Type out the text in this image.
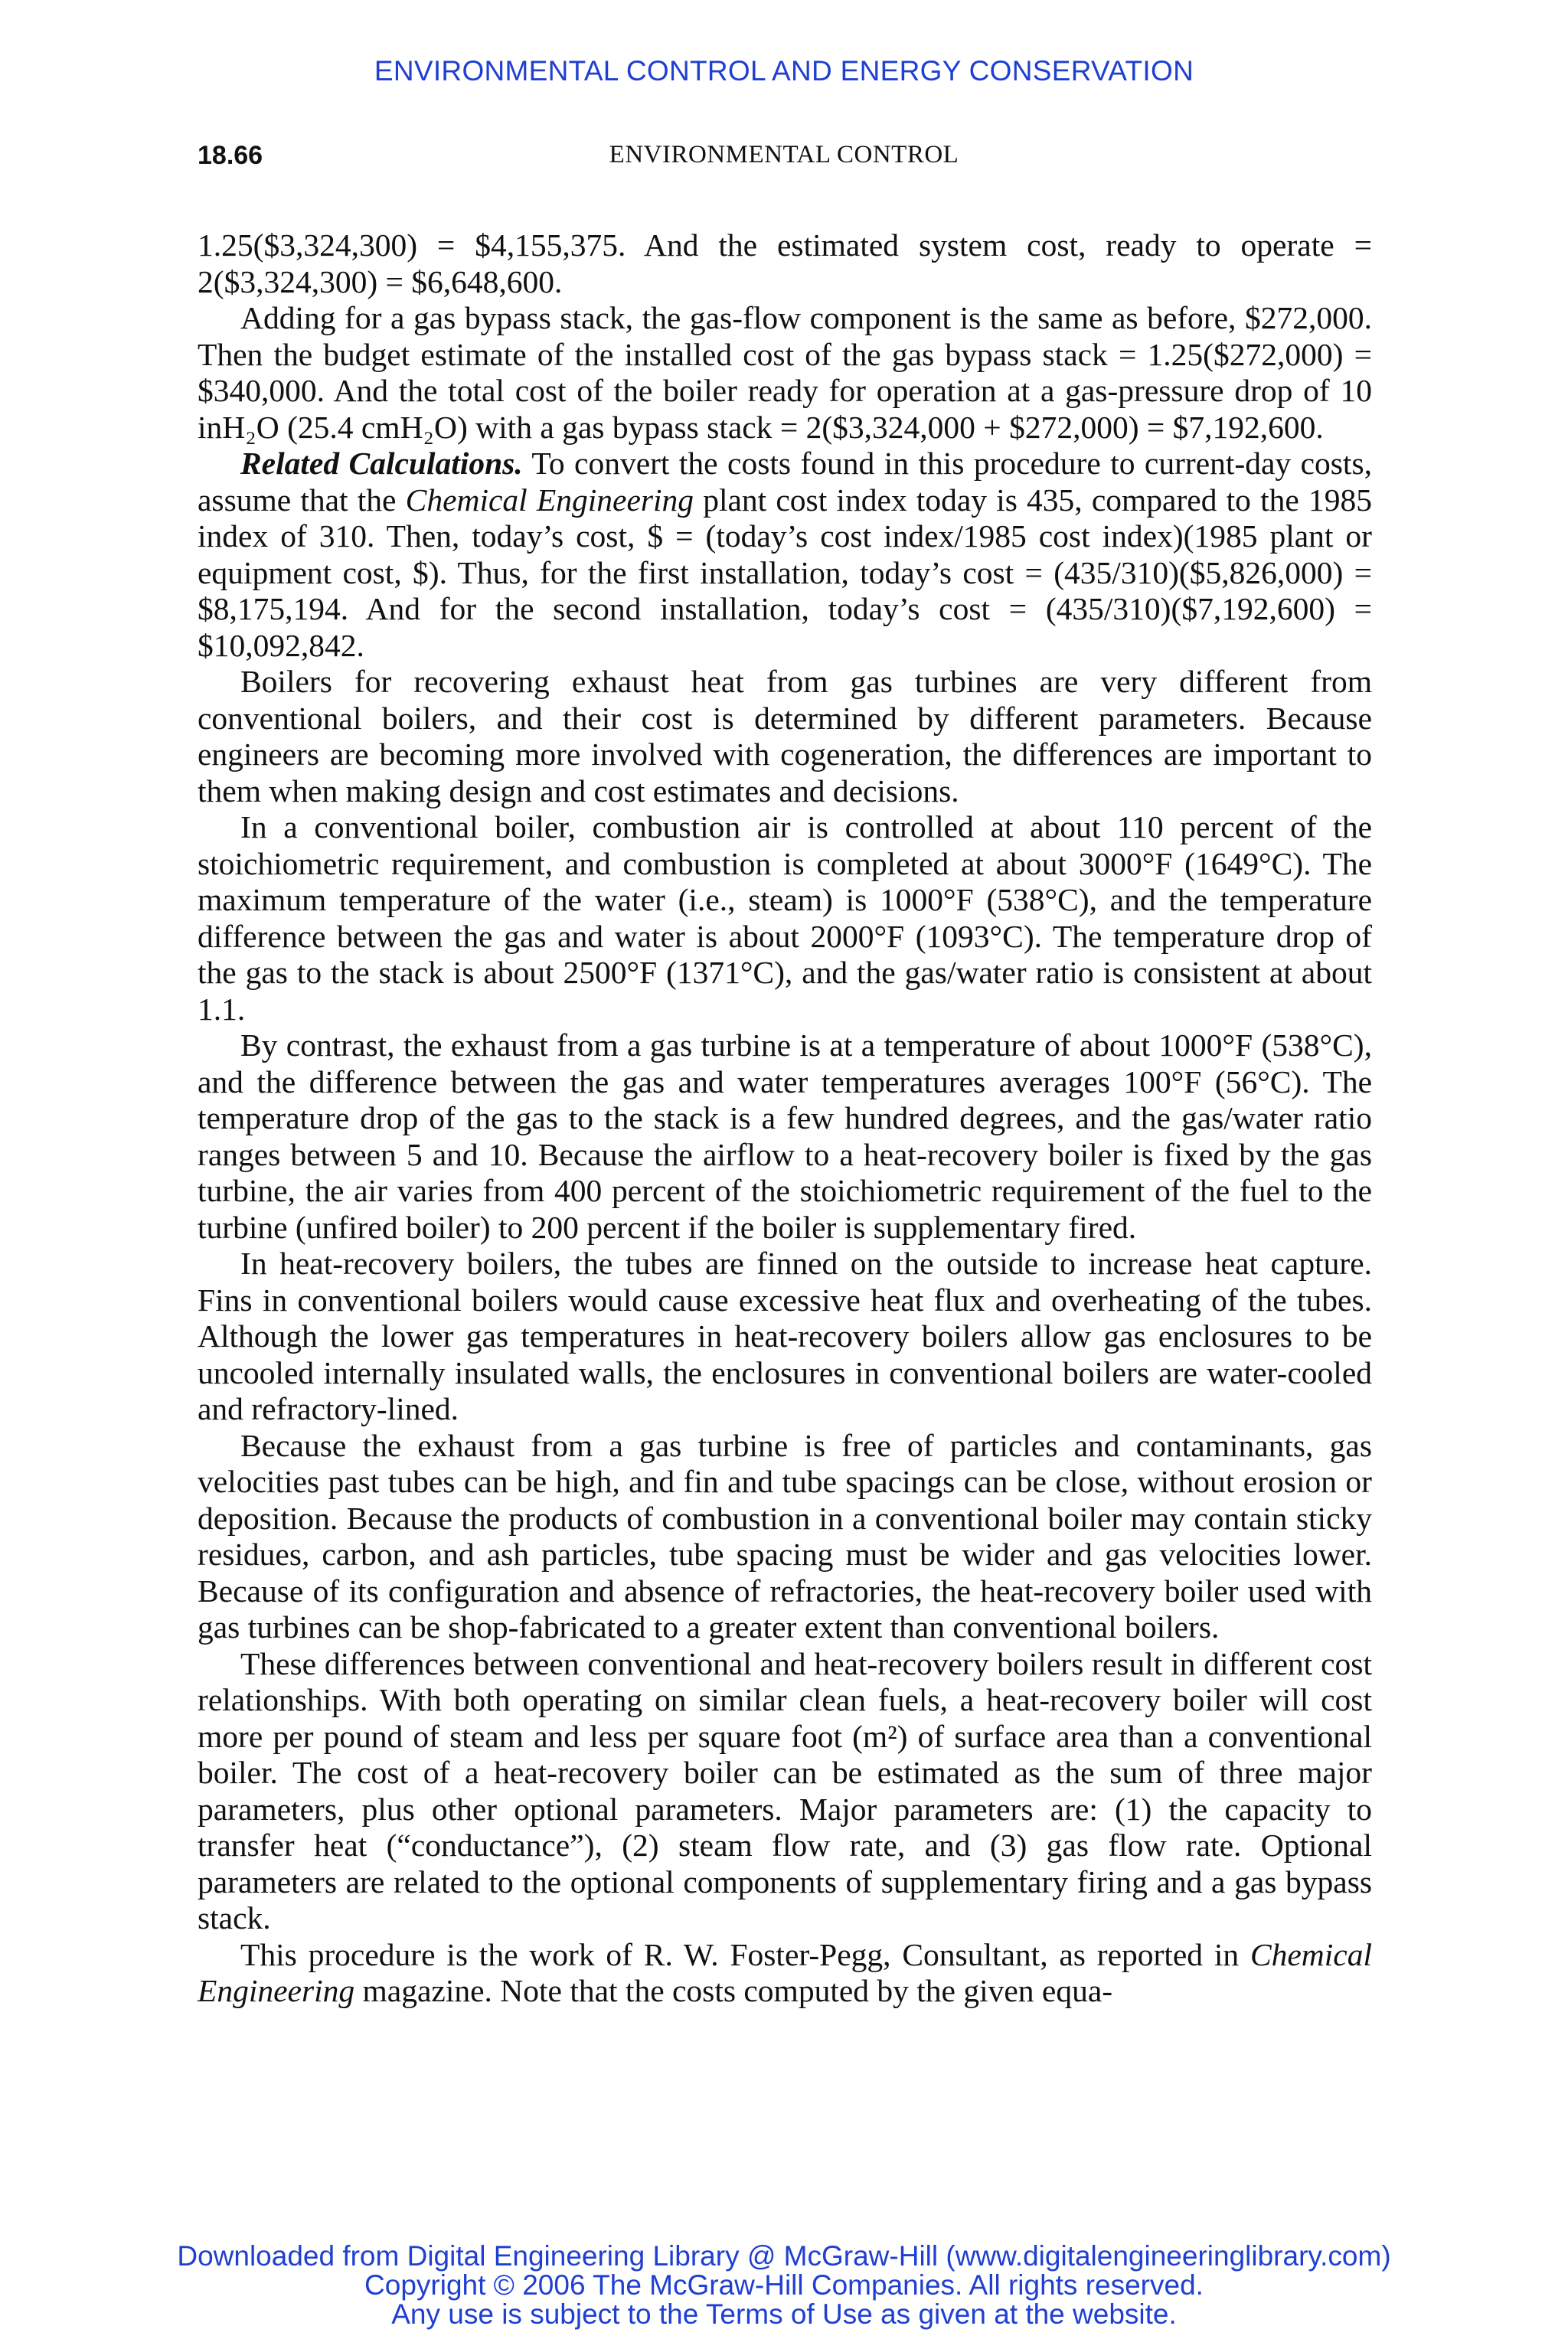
ENVIRONMENTAL CONTROL AND ENERGY CONSERVATION
18.66	ENVIRONMENTAL CONTROL

1.25($3,324,300) = $4,155,375. And the estimated system cost, ready to operate = 2($3,324,300) = $6,648,600.

Adding for a gas bypass stack, the gas-flow component is the same as before, $272,000. Then the budget estimate of the installed cost of the gas bypass stack = 1.25($272,000) = $340,000. And the total cost of the boiler ready for operation at a gas-pressure drop of 10 inH₂O (25.4 cmH₂O) with a gas bypass stack = 2($3,324,000 + $272,000) = $7,192,600.

Related Calculations. To convert the costs found in this procedure to current-day costs, assume that the Chemical Engineering plant cost index today is 435, compared to the 1985 index of 310. Then, today’s cost, $ = (today’s cost index/1985 cost index)(1985 plant or equipment cost, $). Thus, for the first installation, today’s cost = (435/310)($5,826,000) = $8,175,194. And for the second installation, today’s cost = (435/310)($7,192,600) = $10,092,842.

Boilers for recovering exhaust heat from gas turbines are very different from conventional boilers, and their cost is determined by different parameters. Because engineers are becoming more involved with cogeneration, the differences are important to them when making design and cost estimates and decisions.

In a conventional boiler, combustion air is controlled at about 110 percent of the stoichiometric requirement, and combustion is completed at about 3000°F (1649°C). The maximum temperature of the water (i.e., steam) is 1000°F (538°C), and the temperature difference between the gas and water is about 2000°F (1093°C). The temperature drop of the gas to the stack is about 2500°F (1371°C), and the gas/water ratio is consistent at about 1.1.

By contrast, the exhaust from a gas turbine is at a temperature of about 1000°F (538°C), and the difference between the gas and water temperatures averages 100°F (56°C). The temperature drop of the gas to the stack is a few hundred degrees, and the gas/water ratio ranges between 5 and 10. Because the airflow to a heat-recovery boiler is fixed by the gas turbine, the air varies from 400 percent of the stoichiometric requirement of the fuel to the turbine (unfired boiler) to 200 percent if the boiler is supplementary fired.

In heat-recovery boilers, the tubes are finned on the outside to increase heat capture. Fins in conventional boilers would cause excessive heat flux and overheating of the tubes. Although the lower gas temperatures in heat-recovery boilers allow gas enclosures to be uncooled internally insulated walls, the enclosures in conventional boilers are water-cooled and refractory-lined.

Because the exhaust from a gas turbine is free of particles and contaminants, gas velocities past tubes can be high, and fin and tube spacings can be close, without erosion or deposition. Because the products of combustion in a conventional boiler may contain sticky residues, carbon, and ash particles, tube spacing must be wider and gas velocities lower. Because of its configuration and absence of refractories, the heat-recovery boiler used with gas turbines can be shop-fabricated to a greater extent than conventional boilers.

These differences between conventional and heat-recovery boilers result in different cost relationships. With both operating on similar clean fuels, a heat-recovery boiler will cost more per pound of steam and less per square foot (m²) of surface area than a conventional boiler. The cost of a heat-recovery boiler can be estimated as the sum of three major parameters, plus other optional parameters. Major parameters are: (1) the capacity to transfer heat (“conductance”), (2) steam flow rate, and (3) gas flow rate. Optional parameters are related to the optional components of supplementary firing and a gas bypass stack.

This procedure is the work of R. W. Foster-Pegg, Consultant, as reported in Chemical Engineering magazine. Note that the costs computed by the given equa-

Downloaded from Digital Engineering Library @ McGraw-Hill (www.digitalengineeringlibrary.com)
Copyright © 2006 The McGraw-Hill Companies. All rights reserved.
Any use is subject to the Terms of Use as given at the website.
